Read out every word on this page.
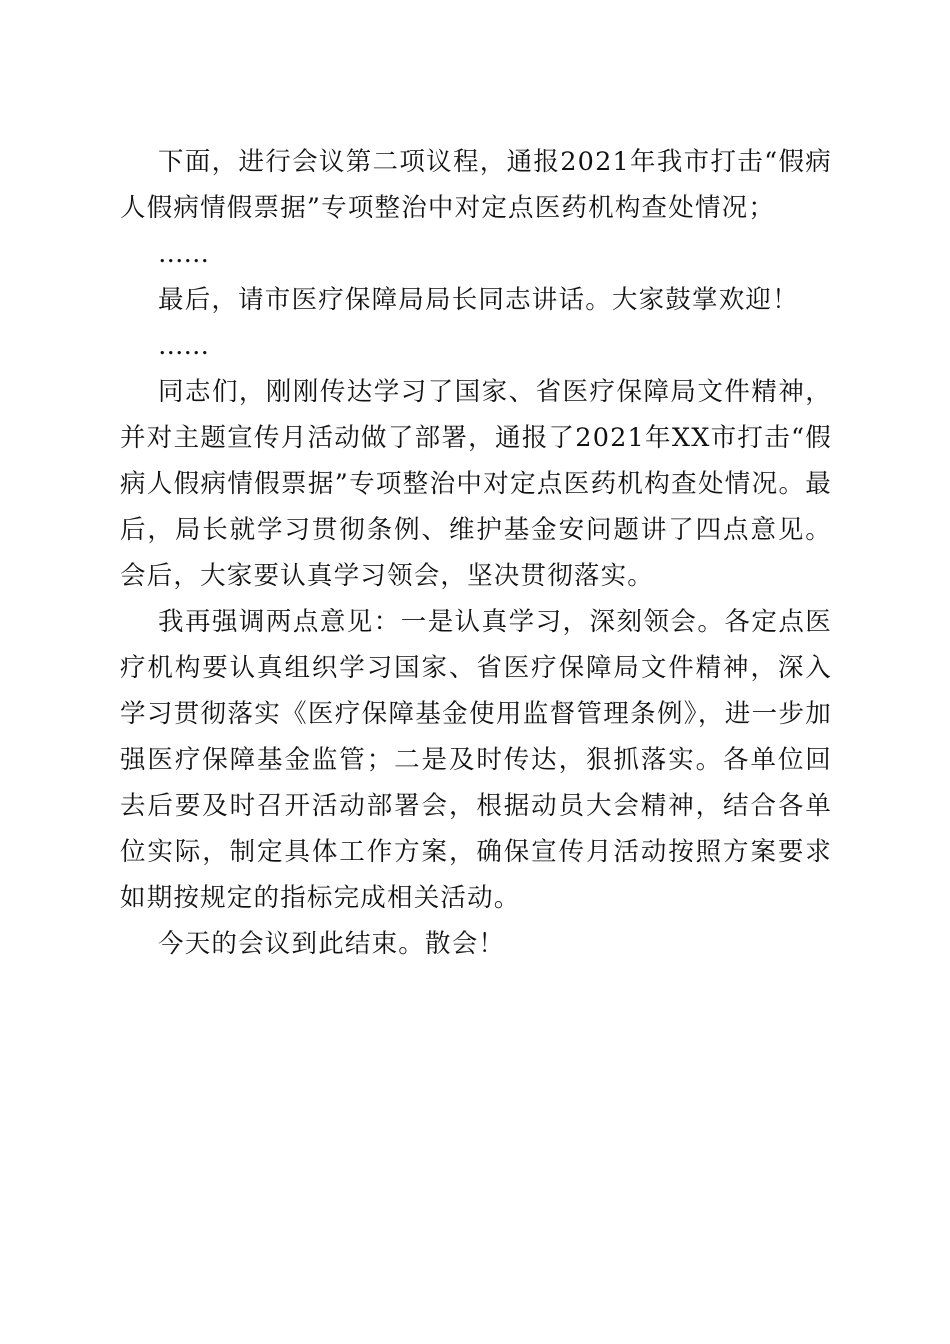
下面，进行会议第二项议程，通报2021年我市打击“假病人假病情假票据”专项整治中对定点医药机构查处情况；

……

最后，请市医疗保障局局长同志讲话。大家鼓掌欢迎！

……

同志们，刚刚传达学习了国家、省医疗保障局文件精神，并对主题宣传月活动做了部署，通报了2021年XX市打击“假病人假病情假票据”专项整治中对定点医药机构查处情况。最后，局长就学习贯彻条例、维护基金安问题讲了四点意见。会后，大家要认真学习领会，坚决贯彻落实。

我再强调两点意见：一是认真学习，深刻领会。各定点医疗机构要认真组织学习国家、省医疗保障局文件精神，深入学习贯彻落实《医疗保障基金使用监督管理条例》，进一步加强医疗保障基金监管；二是及时传达，狠抓落实。各单位回去后要及时召开活动部署会，根据动员大会精神，结合各单位实际，制定具体工作方案，确保宣传月活动按照方案要求如期按规定的指标完成相关活动。

今天的会议到此结束。散会！
